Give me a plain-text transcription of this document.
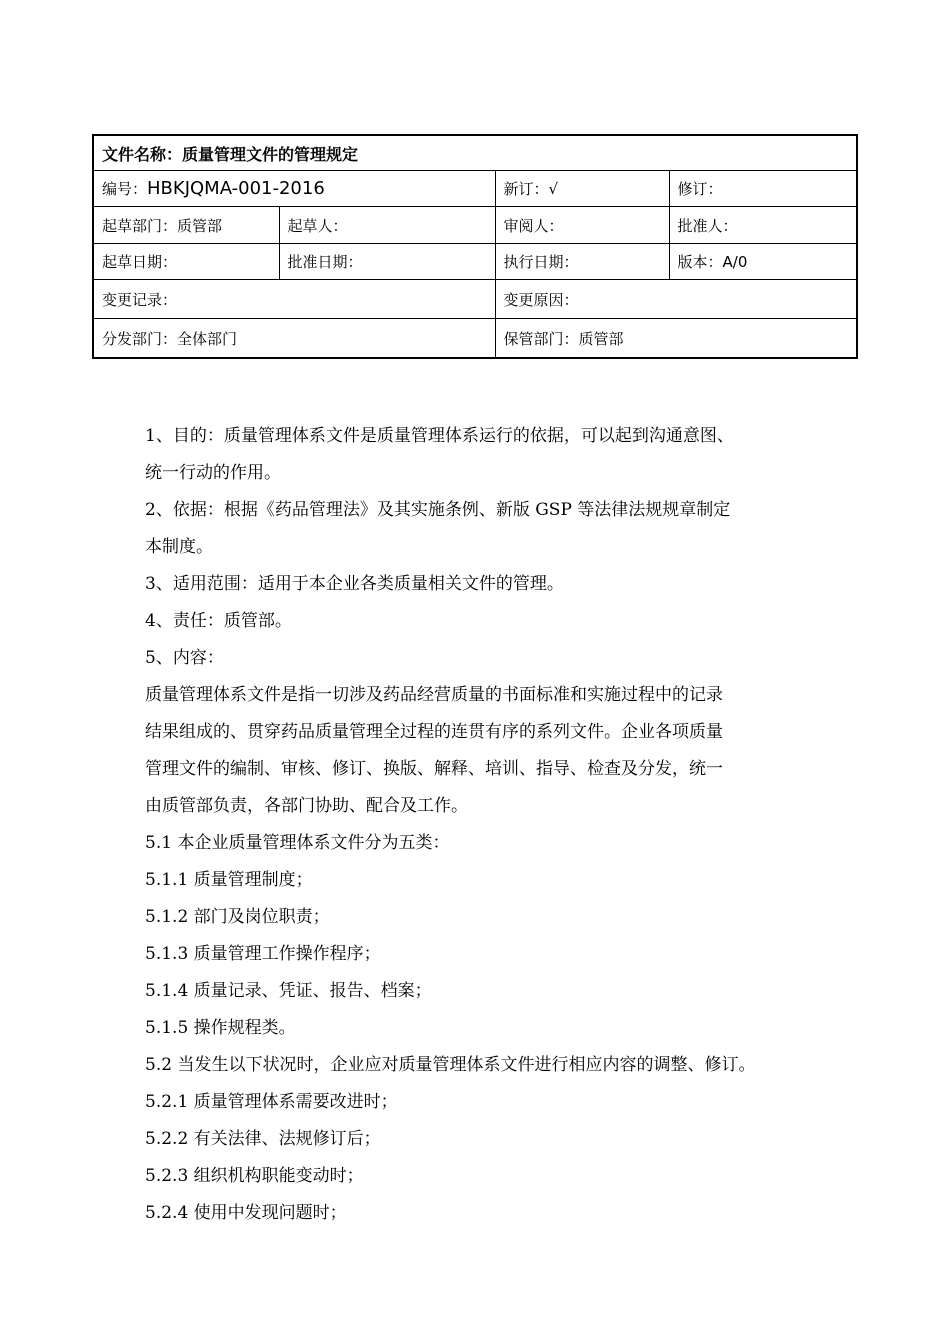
文件名称：质量管理文件的管理规定			
编号：HBKJQMA-001-2016		新订：√	修订：
起草部门：质管部	起草人：	审阅人：	批准人：
起草日期：	批准日期：	执行日期：	版本：A/0
变更记录：		变更原因：	
分发部门：全体部门		保管部门：质管部	

1、目的：质量管理体系文件是质量管理体系运行的依据，可以起到沟通意图、

统一行动的作用。

2、依据：根据《药品管理法》及其实施条例、新版 GSP 等法律法规规章制定

本制度。

3、适用范围：适用于本企业各类质量相关文件的管理。

4、责任：质管部。

5、内容：

质量管理体系文件是指一切涉及药品经营质量的书面标准和实施过程中的记录

结果组成的、贯穿药品质量管理全过程的连贯有序的系列文件。企业各项质量

管理文件的编制、审核、修订、换版、解释、培训、指导、检查及分发，统一

由质管部负责，各部门协助、配合及工作。

5.1 本企业质量管理体系文件分为五类：

5.1.1 质量管理制度；

5.1.2 部门及岗位职责；

5.1.3 质量管理工作操作程序；

5.1.4 质量记录、凭证、报告、档案；

5.1.5 操作规程类。

5.2 当发生以下状况时，企业应对质量管理体系文件进行相应内容的调整、修订。

5.2.1 质量管理体系需要改进时；

5.2.2 有关法律、法规修订后；

5.2.3 组织机构职能变动时；

5.2.4 使用中发现问题时；
